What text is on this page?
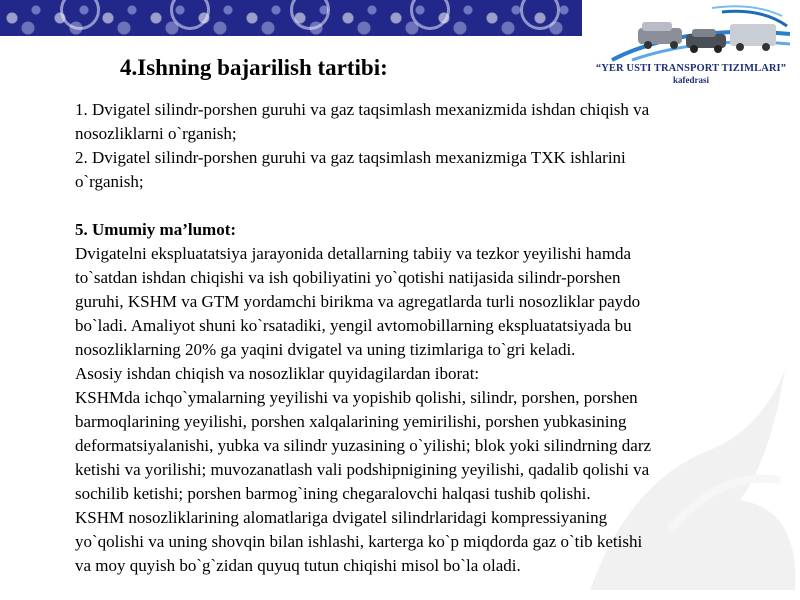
“YER USTI TRANSPORT TIZIMLARI”
kafedrasi
4.Ishning bajarilish tartibi:

1. Dvigatel silindr-porshen guruhi va gaz taqsimlash mexanizmida ishdan chiqish va

nosozliklarni o`rganish;

2. Dvigatel silindr-porshen guruhi va gaz taqsimlash mexanizmiga TXK ishlarini

o`rganish;

5. Umumiy ma’lumot:

Dvigatelni ekspluatatsiya jarayonida detallarning tabiiy va tezkor yeyilishi hamda

to`satdan ishdan chiqishi va ish qobiliyatini yo`qotishi natijasida silindr-porshen

guruhi, KSHM va GTM yordamchi birikma va agregatlarda turli nosozliklar paydo

bo`ladi. Amaliyot shuni ko`rsatadiki, yengil avtomobillarning ekspluatatsiyada bu

nosozliklarning 20% ga yaqini dvigatel va uning tizimlariga to`gri keladi.

Asosiy ishdan chiqish va nosozliklar quyidagilardan iborat:

KSHMda ichqo`ymalarning yeyilishi va yopishib qolishi, silindr, porshen, porshen

barmoqlarining yeyilishi, porshen xalqalarining yemirilishi, porshen yubkasining

deformatsiyalanishi, yubka va silindr yuzasining o`yilishi; blok yoki silindrning darz

ketishi va yorilishi; muvozanatlash vali podshipnigining yeyilishi, qadalib qolishi va

sochilib ketishi; porshen barmog`ining chegaralovchi halqasi tushib qolishi.

KSHM nosozliklarining alomatlariga dvigatel silindrlaridagi kompressiyaning

yo`qolishi va uning shovqin bilan ishlashi, karterga ko`p miqdorda gaz o`tib ketishi

va moy quyish bo`g`zidan quyuq tutun chiqishi misol bo`la oladi.
